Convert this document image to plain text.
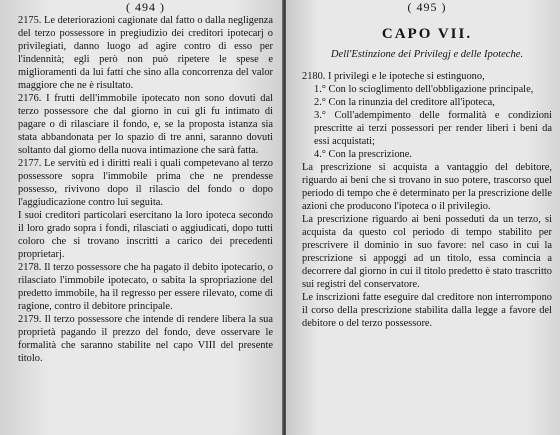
( 494 )

2175. Le deteriorazioni cagionate dal fatto o dalla negligenza del terzo possessore in pregiudizio dei creditori ipotecarj o privilegiati, danno luogo ad agire contro di esso per l'indennità; egli però non può ripetere le spese e miglioramenti da lui fatti che sino alla concorrenza del valor maggiore che ne è risultato.

2176. I frutti dell'immobile ipotecato non sono dovuti dal terzo possessore che dal giorno in cui gli fu intimato di pagare o di rilasciare il fondo, e, se la proposta istanza sia stata abbandonata per lo spazio di tre anni, saranno dovuti soltanto dal giorno della nuova intimazione che sarà fatta.

2177. Le servitù ed i diritti reali i quali competevano al terzo possessore sopra l'immobile prima che ne prendesse possesso, rivivono dopo il rilascio del fondo o dopo l'aggiudicazione contro lui seguita.

I suoi creditori particolari esercitano la loro ipoteca secondo il loro grado sopra i fondi, rilasciati o aggiudicati, dopo tutti coloro che si trovano inscritti a carico dei precedenti proprietarj.

2178. Il terzo possessore che ha pagato il debito ipotecario, o rilasciato l'immobile ipotecato, o sabita la spropriazione del predetto immobile, ha il regresso per essere rilevato, come di ragione, contro il debitore principale.

2179. Il terzo possessore che intende di rendere libera la sua proprietà pagando il prezzo del fondo, deve osservare le formalità che saranno stabilite nel capo VIII del presente titolo.

( 495 )
CAPO VII.
Dell'Estinzione dei Privilegj e delle Ipoteche.

2180. I privilegi e le ipoteche si estinguono,

1.° Con lo scioglimento dell'obbligazione principale,

2.° Con la rinunzia del creditore all'ipoteca,

3.° Coll'adempimento delle formalità e condizioni prescritte ai terzi possessori per render liberi i beni da essi acquistati;

4.° Con la prescrizione.

La prescrizione si acquista a vantaggio del debitore, riguardo ai beni che si trovano in suo potere, trascorso quel periodo di tempo che è determinato per la prescrizione delle azioni che producono l'ipoteca o il privilegio.

La prescrizione riguardo ai beni posseduti da un terzo, si acquista da questo col periodo di tempo stabilito per prescrivere il dominio in suo favore: nel caso in cui la prescrizione si appoggi ad un titolo, essa comincia a decorrere dal giorno in cui il titolo predetto è stato trascritto sui registri del conservatore.

Le inscrizioni fatte eseguire dal creditore non interrompono il corso della prescrizione stabilita dalla legge a favore del debitore o del terzo possessore.
